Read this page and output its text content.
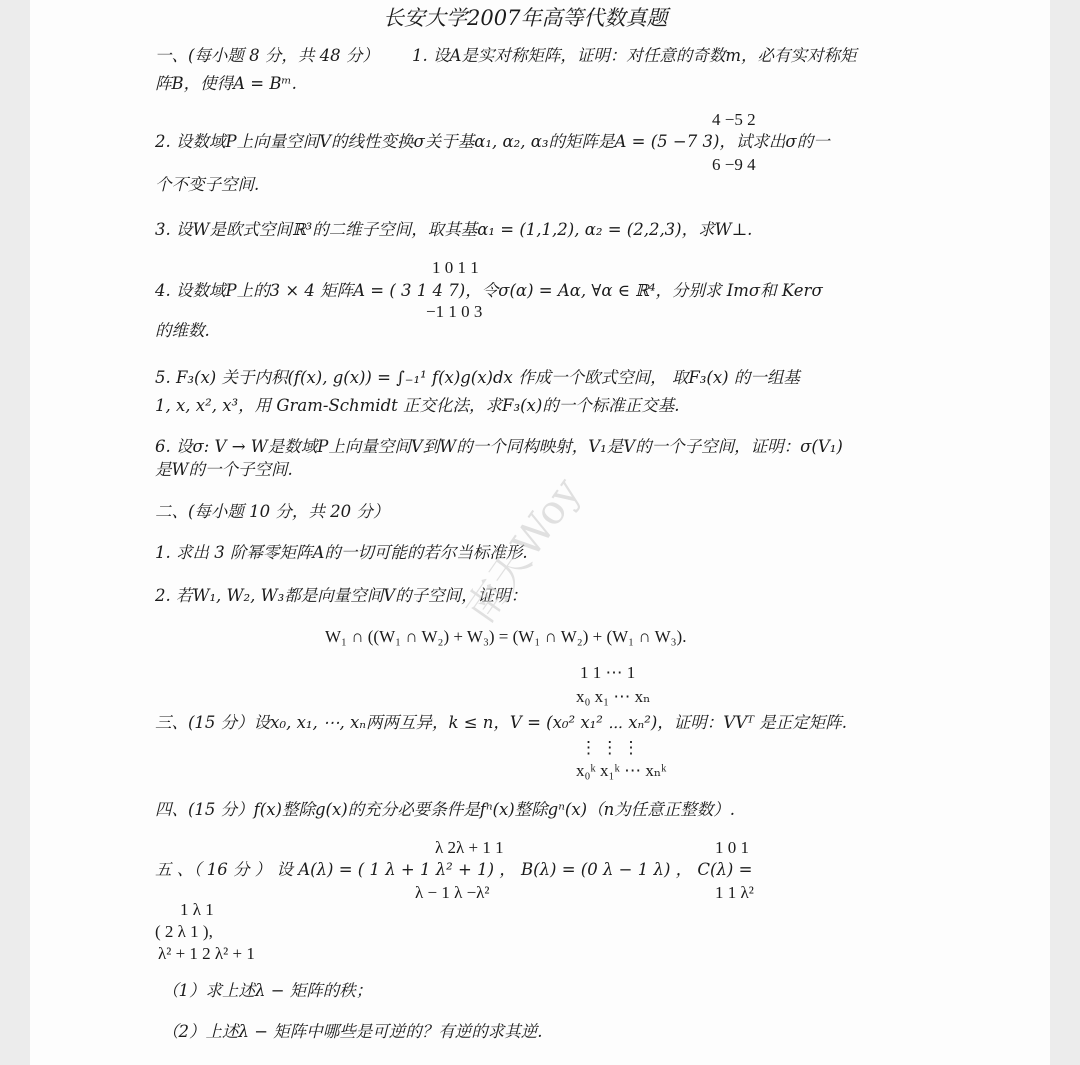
长安大学2007年高等代数真题
一、(每小题 8 分，共 48 分） 1. 设A是实对称矩阵，证明：对任意的奇数m，必有实对称矩
阵B，使得A = Bᵐ.
4 −5 2
2. 设数域P上向量空间V的线性变换σ关于基α₁, α₂, α₃的矩阵是A = (5 −7 3)，试求出σ的一
6 −9 4
个不变子空间.
3. 设W是欧式空间ℝ³的二维子空间，取其基α₁ = (1,1,2), α₂ = (2,2,3)，求W⊥.
1 0 1 1
4. 设数域P上的3 × 4 矩阵A = ( 3 1 4 7)，令σ(α) = Aα, ∀α ∈ ℝ⁴，分别求 Imσ和 Kerσ
−1 1 0 3
的维数.
5. F₃(x) 关于内积(f(x), g(x)) = ∫₋₁¹ f(x)g(x)dx 作成一个欧式空间， 取F₃(x) 的一组基
1, x, x², x³，用 Gram-Schmidt 正交化法，求F₃(x)的一个标准正交基.
6. 设σ: V → W是数域P上向量空间V到W的一个同构映射，V₁是V的一个子空间，证明：σ(V₁)
是W的一个子空间.
二、(每小题 10 分，共 20 分）
1. 求出 3 阶幂零矩阵A的一切可能的若尔当标准形.
2. 若W₁, W₂, W₃都是向量空间V的子空间，证明：
W₁ ∩ ((W₁ ∩ W₂) + W₃) = (W₁ ∩ W₂) + (W₁ ∩ W₃).
1 1 ⋯ 1
x₀ x₁ ⋯ xₙ
三、(15 分）设x₀, x₁, ⋯, xₙ两两互异，k ≤ n，V = (x₀² x₁² ⋯ xₙ²)，证明：VVᵀ 是正定矩阵.
⋮ ⋮ ⋮
x₀ᵏ x₁ᵏ ⋯ xₙᵏ
四、(15 分）f(x)整除g(x)的充分必要条件是fⁿ(x)整除gⁿ(x)（n为任意正整数）.
λ 2λ + 1 1	1 0 1
五 、（ 16 分 ） 设 A(λ) = ( 1 λ + 1 λ² + 1) ， B(λ) = (0 λ − 1 λ) ， C(λ) =
λ − 1 λ −λ²	1 1 λ²
1 λ 1
( 2 λ 1 ),
λ² + 1 2 λ² + 1
（1）求上述λ − 矩阵的秩；
（2）上述λ − 矩阵中哪些是可逆的？有逆的求其逆.
南天Woy
